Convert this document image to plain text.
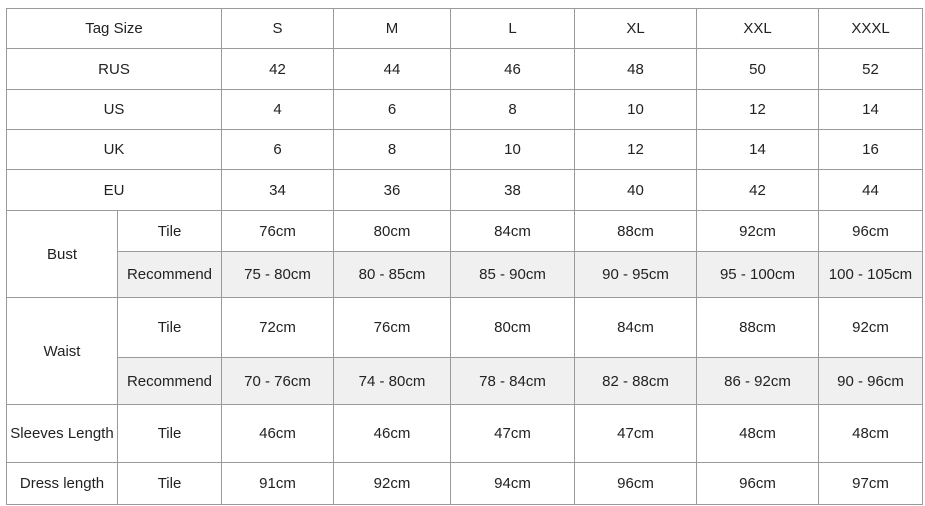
Tag Size		S	M	L	XL	XXL	XXXL
RUS		42	44	46	48	50	52
US		4	6	8	10	12	14
UK		6	8	10	12	14	16
EU		34	36	38	40	42	44
Bust	Tile	76cm	80cm	84cm	88cm	92cm	96cm
	Recommend	75 - 80cm	80 - 85cm	85 - 90cm	90 - 95cm	95 - 100cm	100 - 105cm
Waist	Tile	72cm	76cm	80cm	84cm	88cm	92cm
	Recommend	70 - 76cm	74 - 80cm	78 - 84cm	82 - 88cm	86 - 92cm	90 - 96cm
Sleeves Length	Tile	46cm	46cm	47cm	47cm	48cm	48cm
Dress length	Tile	91cm	92cm	94cm	96cm	96cm	97cm
